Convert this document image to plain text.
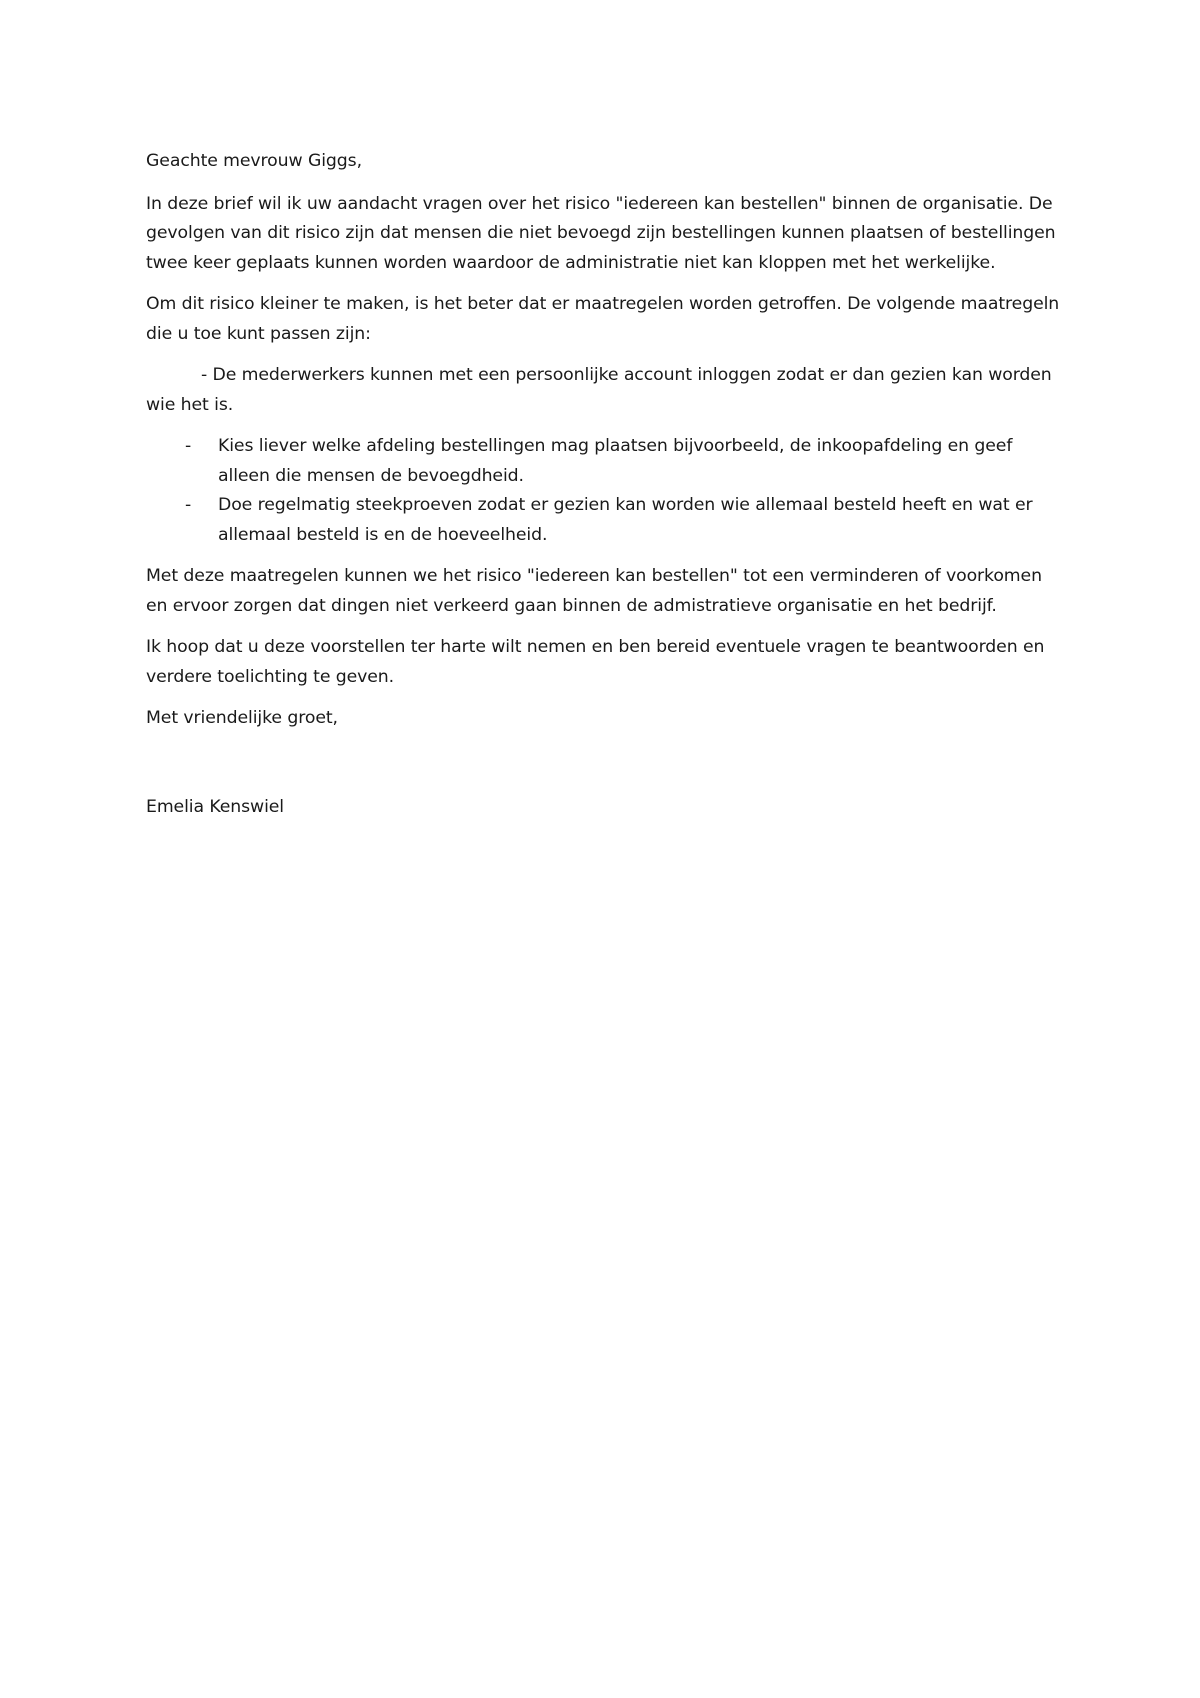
Geachte mevrouw Giggs,

In deze brief wil ik uw aandacht vragen over het risico "iedereen kan bestellen" binnen de organisatie. De gevolgen van dit risico zijn dat mensen die niet bevoegd zijn bestellingen kunnen plaatsen of bestellingen twee keer geplaats kunnen worden waardoor de administratie niet kan kloppen met het werkelijke.

Om dit risico kleiner te maken, is het beter dat er maatregelen worden getroffen. De volgende maatregeln die u toe kunt passen zijn:

- De mederwerkers kunnen met een persoonlijke account inloggen zodat er dan gezien kan worden wie het is.

- Kies liever welke afdeling bestellingen mag plaatsen bijvoorbeeld, de inkoopafdeling en geef alleen die mensen de bevoegdheid.
- Doe regelmatig steekproeven zodat er gezien kan worden wie allemaal besteld heeft en wat er allemaal besteld is en de hoeveelheid.

Met deze maatregelen kunnen we het risico "iedereen kan bestellen" tot een verminderen of voorkomen en ervoor zorgen dat dingen niet verkeerd gaan binnen de admistratieve organisatie en het bedrijf.

Ik hoop dat u deze voorstellen ter harte wilt nemen en ben bereid eventuele vragen te beantwoorden en verdere toelichting te geven.

Met vriendelijke groet,

Emelia Kenswiel
